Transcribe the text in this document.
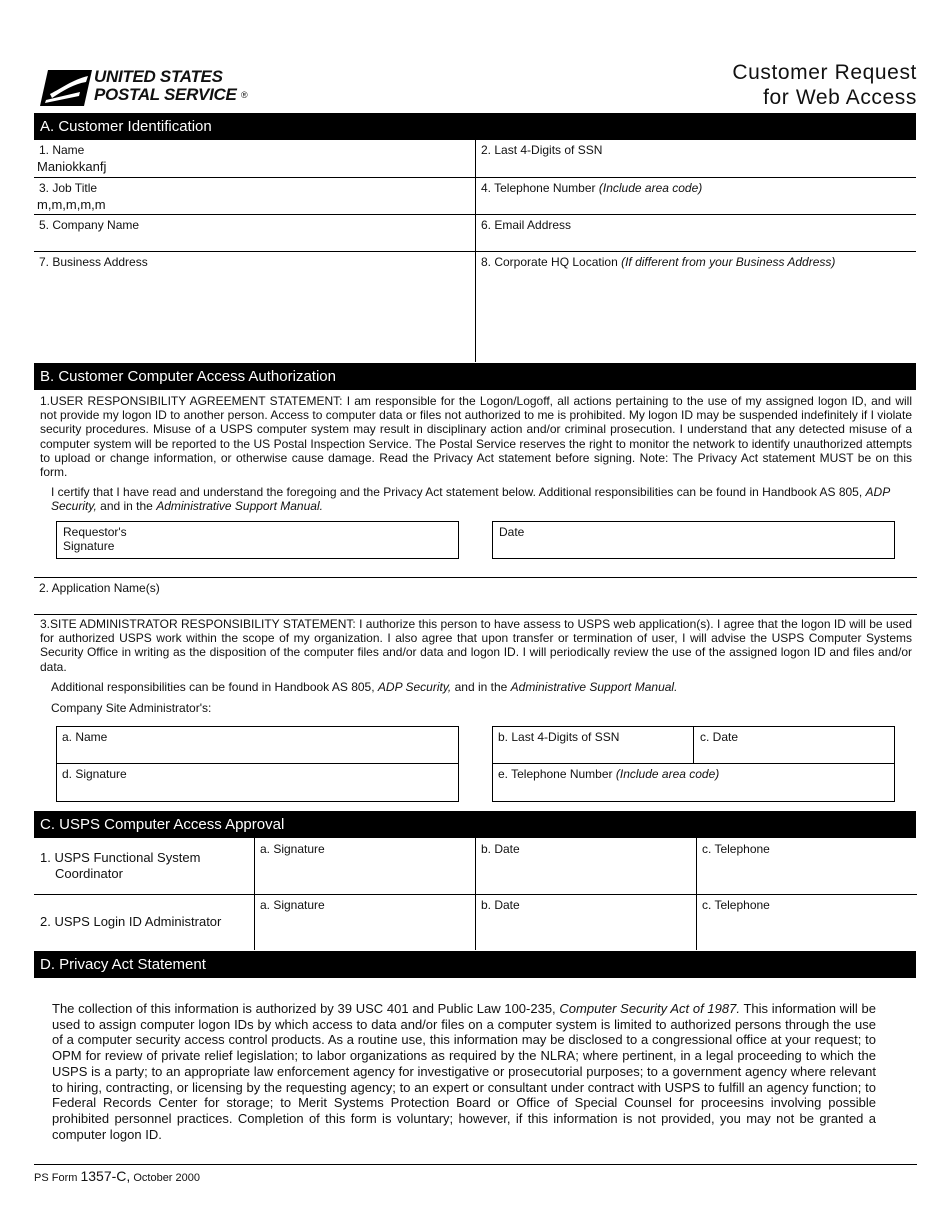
UNITED STATES
POSTAL SERVICE ®
Customer Request
for Web Access
A. Customer Identification
1. Name
Maniokkanfj
2. Last 4-Digits of SSN
3. Job Title
m,m,m,m,m
4. Telephone Number (Include area code)
5. Company Name	6. Email Address
7. Business Address	8. Corporate HQ Location (If different from your Business Address)
B. Customer Computer Access Authorization
1.USER RESPONSIBILITY AGREEMENT STATEMENT: I am responsible for the Logon/Logoff, all actions pertaining to the use of my assigned logon ID, and will not provide my logon ID to another person. Access to computer data or files not authorized to me is prohibited. My logon ID may be suspended indefinitely if I violate security procedures. Misuse of a USPS computer system may result in disciplinary action and/or criminal prosecution. I understand that any detected misuse of a computer system will be reported to the US Postal Inspection Service. The Postal Service reserves the right to monitor the network to identify unauthorized attempts to upload or change information, or otherwise cause damage. Read the Privacy Act statement before signing. Note: The Privacy Act statement MUST be on this form.
I certify that I have read and understand the foregoing and the Privacy Act statement below. Additional responsibilities can be found in Handbook AS 805, ADP Security, and in the Administrative Support Manual.
Requestor's
Signature
Date
2. Application Name(s)
3.SITE ADMINISTRATOR RESPONSIBILITY STATEMENT: I authorize this person to have assess to USPS web application(s). I agree that the logon ID will be used for authorized USPS work within the scope of my organization. I also agree that upon transfer or termination of user, I will advise the USPS Computer Systems Security Office in writing as the disposition of the computer files and/or data and logon ID. I will periodically review the use of the assigned logon ID and files and/or data.
Additional responsibilities can be found in Handbook AS 805, ADP Security, and in the Administrative Support Manual.
Company Site Administrator's:
a. Name
d. Signature
b. Last 4-Digits of SSN	c. Date
e. Telephone Number (Include area code)
C. USPS Computer Access Approval
1. USPS Functional System
Coordinator
a. Signature	b. Date	c. Telephone
2. USPS Login ID Administrator
a. Signature	b. Date	c. Telephone
D. Privacy Act Statement
The collection of this information is authorized by 39 USC 401 and Public Law 100-235, Computer Security Act of 1987. This information will be used to assign computer logon IDs by which access to data and/or files on a computer system is limited to authorized persons through the use of a computer security access control products. As a routine use, this information may be disclosed to a congressional office at your request; to OPM for review of private relief legislation; to labor organizations as required by the NLRA; where pertinent, in a legal proceeding to which the USPS is a party; to an appropriate law enforcement agency for investigative or prosecutorial purposes; to a government agency where relevant to hiring, contracting, or licensing by the requesting agency; to an expert or consultant under contract with USPS to fulfill an agency function; to Federal Records Center for storage; to Merit Systems Protection Board or Office of Special Counsel for proceesins involving possible prohibited personnel practices. Completion of this form is voluntary; however, if this information is not provided, you may not be granted a computer logon ID.
PS Form 1357-C, October 2000
